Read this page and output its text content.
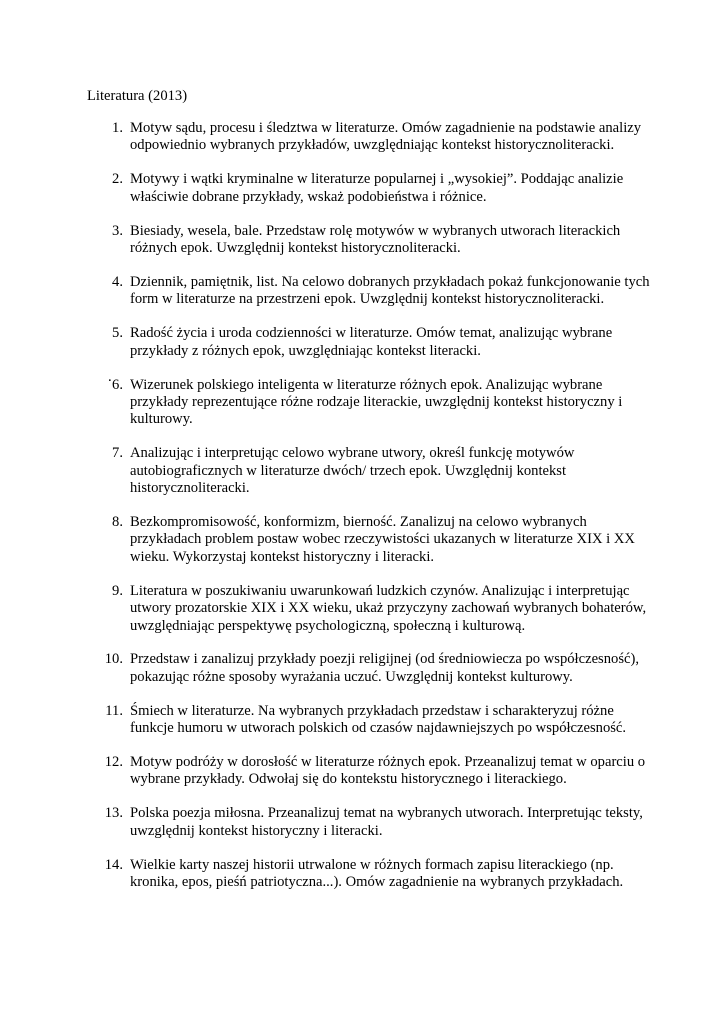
Literatura (2013)
.
1. Motyw sądu, procesu i śledztwa w literaturze. Omów zagadnienie na podstawie analizy odpowiednio wybranych przykładów, uwzględniając kontekst historycznoliteracki.
2. Motywy i wątki kryminalne w literaturze popularnej i „wysokiej”. Poddając analizie właściwie dobrane przykłady, wskaż podobieństwa i różnice.
3. Biesiady, wesela, bale. Przedstaw rolę motywów w wybranych utworach literackich różnych epok. Uwzględnij kontekst historycznoliteracki.
4. Dziennik, pamiętnik, list. Na celowo dobranych przykładach pokaż funkcjonowanie tych form w literaturze na przestrzeni epok. Uwzględnij kontekst historycznoliteracki.
5. Radość życia i uroda codzienności w literaturze. Omów temat, analizując wybrane przykłady z różnych epok, uwzględniając kontekst literacki.
6. Wizerunek polskiego inteligenta w literaturze różnych epok. Analizując wybrane przykłady reprezentujące różne rodzaje literackie, uwzględnij kontekst historyczny i kulturowy.
7. Analizując i interpretując celowo wybrane utwory, określ funkcję motywów autobiograficznych w literaturze dwóch/ trzech epok. Uwzględnij kontekst historycznoliteracki.
8. Bezkompromisowość, konformizm, bierność. Zanalizuj na celowo wybranych przykładach problem postaw wobec rzeczywistości ukazanych w literaturze XIX i XX wieku. Wykorzystaj kontekst historyczny i literacki.
9. Literatura w poszukiwaniu uwarunkowań ludzkich czynów. Analizując i interpretując utwory prozatorskie XIX i XX wieku, ukaż przyczyny zachowań wybranych bohaterów, uwzględniając perspektywę psychologiczną, społeczną i kulturową.
10. Przedstaw i zanalizuj przykłady poezji religijnej (od średniowiecza po współczesność), pokazując różne sposoby wyrażania uczuć. Uwzględnij kontekst kulturowy.
11. Śmiech w literaturze. Na wybranych przykładach przedstaw i scharakteryzuj różne funkcje humoru w utworach polskich od czasów najdawniejszych po współczesność.
12. Motyw podróży w dorosłość w literaturze różnych epok. Przeanalizuj temat w oparciu o wybrane przykłady. Odwołaj się do kontekstu historycznego i literackiego.
13. Polska poezja miłosna. Przeanalizuj temat na wybranych utworach. Interpretując teksty, uwzględnij kontekst historyczny i literacki.
14. Wielkie karty naszej historii utrwalone w różnych formach zapisu literackiego (np. kronika, epos, pieśń patriotyczna...). Omów zagadnienie na wybranych przykładach.
